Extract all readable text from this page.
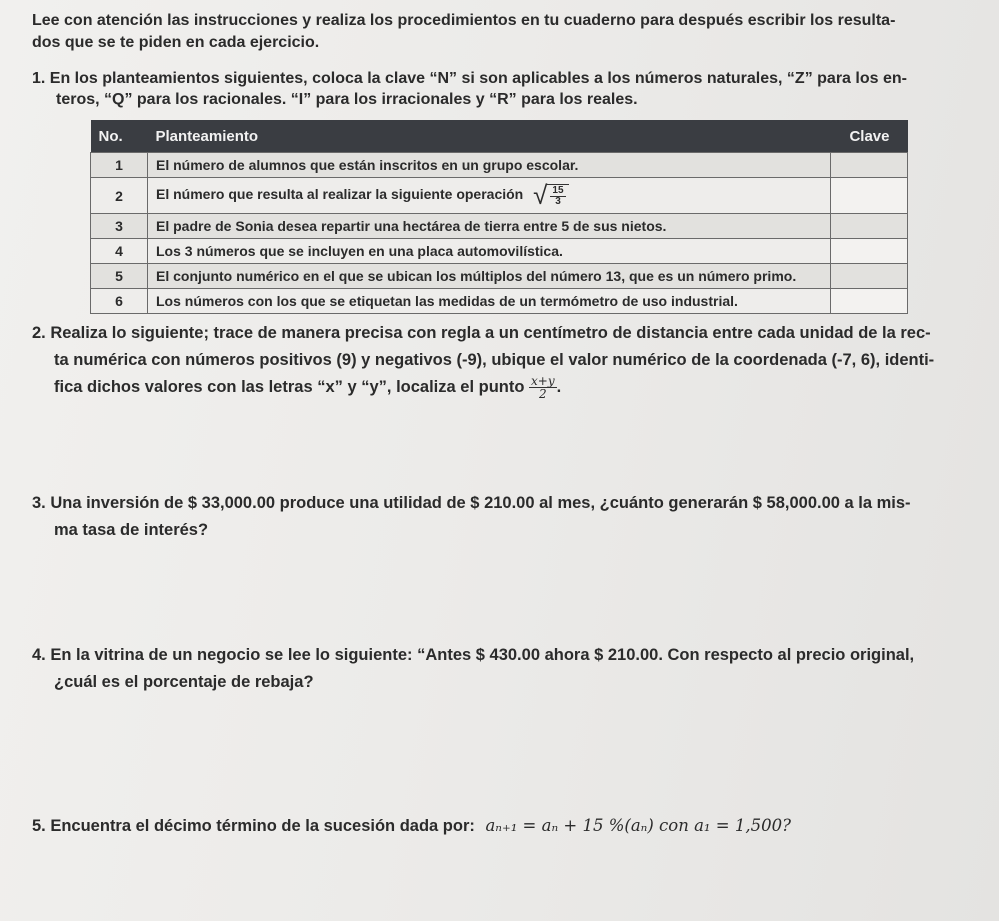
Lee con atención las instrucciones y realiza los procedimientos en tu cuaderno para después escribir los resulta-
dos que se te piden en cada ejercicio.
1. En los planteamientos siguientes, coloca la clave “N” si son aplicables a los números naturales, “Z” para los en-
teros, “Q” para los racionales. “I” para los irracionales y “R” para los reales.
No.	Planteamiento	Clave
1	El número de alumnos que están inscritos en un grupo escolar.	
2	El número que resulta al realizar la siguiente operación √ $\frac{15}{3}$	
3	El padre de Sonia desea repartir una hectárea de tierra entre 5 de sus nietos.	
4	Los 3 números que se incluyen en una placa automovilística.	
5	El conjunto numérico en el que se ubican los múltiplos del número 13, que es un número primo.	
6	Los números con los que se etiquetan las medidas de un termómetro de uso industrial.	
2. Realiza lo siguiente; trace de manera precisa con regla a un centímetro de distancia entre cada unidad de la rec-
ta numérica con números positivos (9) y negativos (-9), ubique el valor numérico de la coordenada (-7, 6), identi-
fica dichos valores con las letras “x” y “y”, localiza el punto $\frac{x+y}{2}$.
3. Una inversión de $ 33,000.00 produce una utilidad de $ 210.00 al mes, ¿cuánto generarán $ 58,000.00 a la mis-
ma tasa de interés?
4. En la vitrina de un negocio se lee lo siguiente: “Antes $ 430.00 ahora $ 210.00. Con respecto al precio original,
¿cuál es el porcentaje de rebaja?
5. Encuentra el décimo término de la sucesión dada por: aₙ₊₁ = aₙ + 15 %(aₙ) con a₁ = 1,500?
